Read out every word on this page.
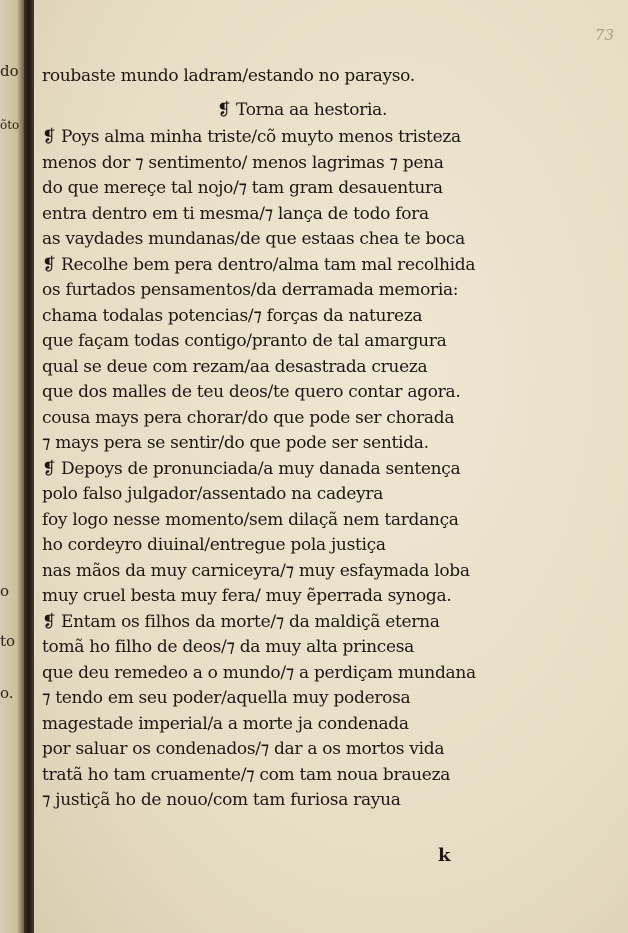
do
õto
o
to
o.
73
roubaste mundo ladram/estando no parayso.
❡ Torna aa hestoria.
❡ Poys alma minha triste/cõ muyto menos tristeza
menos dor ⁊ sentimento/ menos lagrimas ⁊ pena
do que mereçe tal nojo/⁊ tam gram desauentura
entra dentro em ti mesma/⁊ lança de todo fora
as vaydades mundanas/de que estaas chea te boca
❡ Recolhe bem pera dentro/alma tam mal recolhida
os furtados pensamentos/da derramada memoria:
chama todalas potencias/⁊ forças da natureza
que façam todas contigo/pranto de tal amargura
qual se deue com rezam/aa desastrada crueza
que dos malles de teu deos/te quero contar agora.
cousa mays pera chorar/do que pode ser chorada
⁊ mays pera se sentir/do que pode ser sentida.
❡ Depoys de pronunciada/a muy danada sentença
polo falso julgador/assentado na cadeyra
foy logo nesse momento/sem dilaçã nem tardança
ho cordeyro diuinal/entregue pola justiça
nas mãos da muy carniceyra/⁊ muy esfaymada loba
muy cruel besta muy fera/ muy ẽperrada synoga.
❡ Entam os filhos da morte/⁊ da maldiçã eterna
tomã ho filho de deos/⁊ da muy alta princesa
que deu remedeo a o mundo/⁊ a perdiçam mundana
⁊ tendo em seu poder/aquella muy poderosa
magestade imperial/a a morte ja condenada
por saluar os condenados/⁊ dar a os mortos vida
tratã ho tam cruamente/⁊ com tam noua braueza
⁊ justiçã ho de nouo/com tam furiosa rayua
k
